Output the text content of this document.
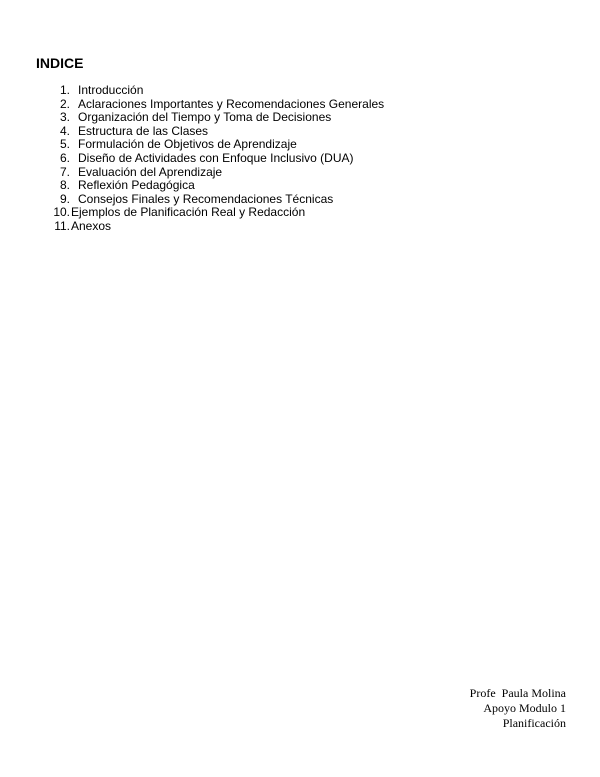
INDICE
1. Introducción
2. Aclaraciones Importantes y Recomendaciones Generales
3. Organización del Tiempo y Toma de Decisiones
4. Estructura de las Clases
5. Formulación de Objetivos de Aprendizaje
6. Diseño de Actividades con Enfoque Inclusivo (DUA)
7. Evaluación del Aprendizaje
8. Reflexión Pedagógica
9. Consejos Finales y Recomendaciones Técnicas
10. Ejemplos de Planificación Real y Redacción
11. Anexos
Profe  Paula Molina
Apoyo Modulo 1
Planificación
